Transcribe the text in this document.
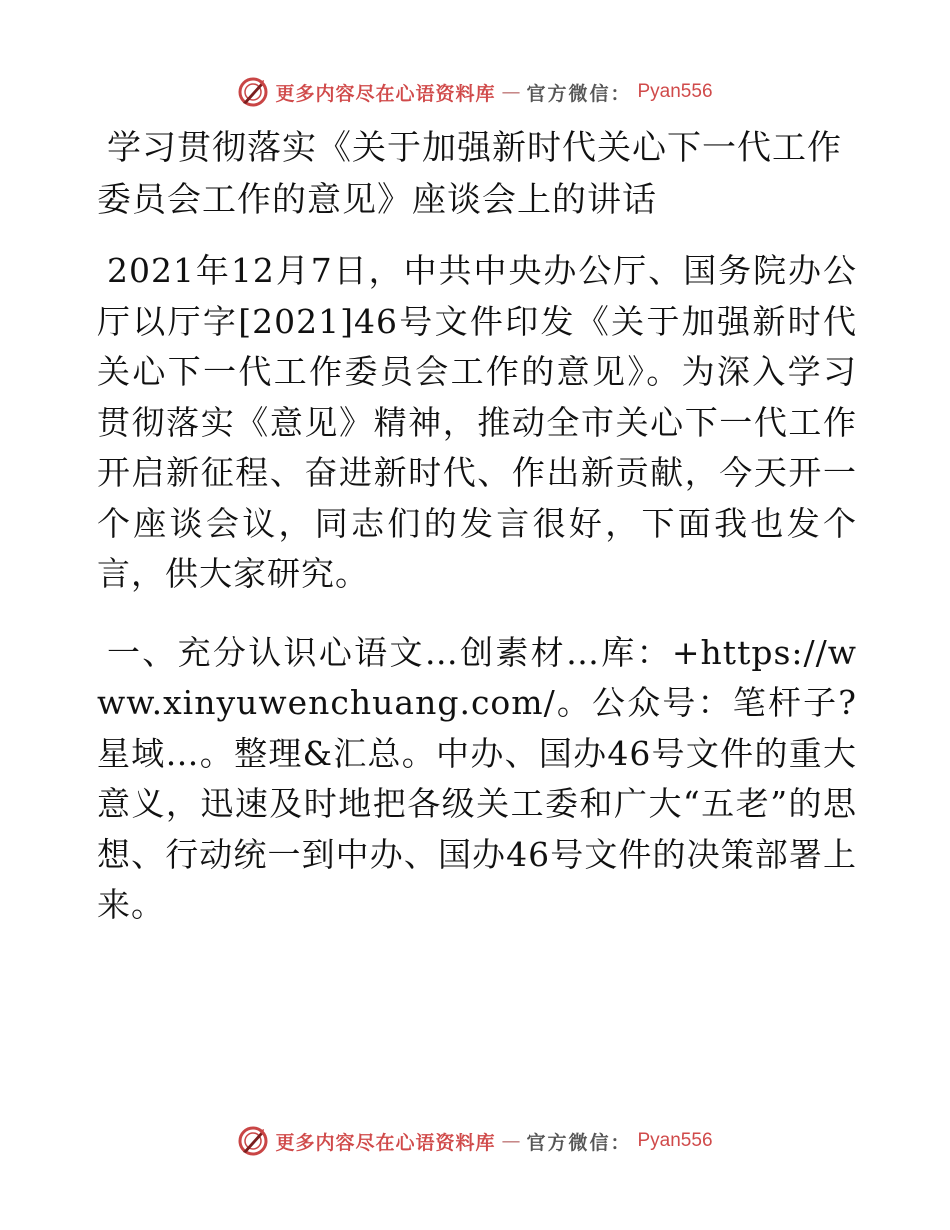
更多内容尽在心语资料库 — 官方微信： Pyan556
学习贯彻落实《关于加强新时代关心下一代工作委员会工作的意见》座谈会上的讲话

2021年12月7日，中共中央办公厅、国务院办公厅以厅字[2021]46号文件印发《关于加强新时代关心下一代工作委员会工作的意见》。为深入学习贯彻落实《意见》精神，推动全市关心下一代工作开启新征程、奋进新时代、作出新贡献，今天开一个座谈会议，同志们的发言很好，下面我也发个言，供大家研究。

一、充分认识心语文…创素材…库：+https://www.xinyuwenchuang.com/。公众号：笔杆子?星域…。整理&汇总。中办、国办46号文件的重大意义，迅速及时地把各级关工委和广大“五老”的思想、行动统一到中办、国办46号文件的决策部署上来。

更多内容尽在心语资料库 — 官方微信： Pyan556
